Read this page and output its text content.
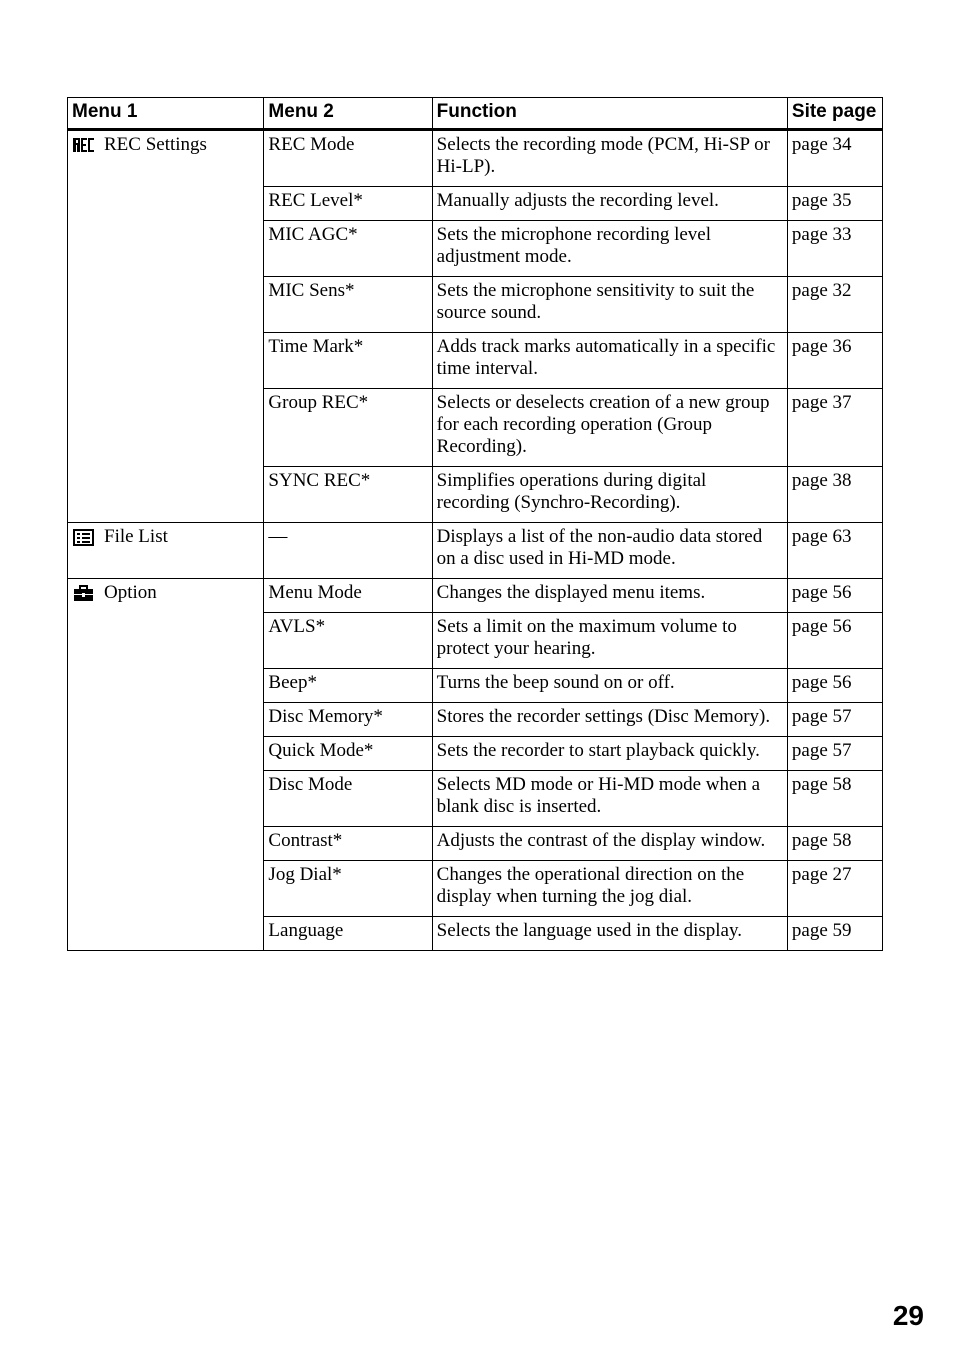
Menu 1	Menu 2	Function	Site page

REC Settings	REC Mode	Selects the recording mode (PCM, Hi-SP or Hi-LP).	page 34
	REC Level*	Manually adjusts the recording level.	page 35
	MIC AGC*	Sets the microphone recording level adjustment mode.	page 33
	MIC Sens*	Sets the microphone sensitivity to suit the source sound.	page 32
	Time Mark*	Adds track marks automatically in a specific time interval.	page 36
	Group REC*	Selects or deselects creation of a new group for each recording operation (Group Recording).	page 37
	SYNC REC*	Simplifies operations during digital recording (Synchro-Recording).	page 38

File List	—	Displays a list of the non-audio data stored on a disc used in Hi-MD mode.	page 63

Option	Menu Mode	Changes the displayed menu items.	page 56
	AVLS*	Sets a limit on the maximum volume to protect your hearing.	page 56
	Beep*	Turns the beep sound on or off.	page 56
	Disc Memory*	Stores the recorder settings (Disc Memory).	page 57
	Quick Mode*	Sets the recorder to start playback quickly.	page 57
	Disc Mode	Selects MD mode or Hi-MD mode when a blank disc is inserted.	page 58
	Contrast*	Adjusts the contrast of the display window.	page 58
	Jog Dial*	Changes the operational direction on the display when turning the jog dial.	page 27
	Language	Selects the language used in the display.	page 59
29
